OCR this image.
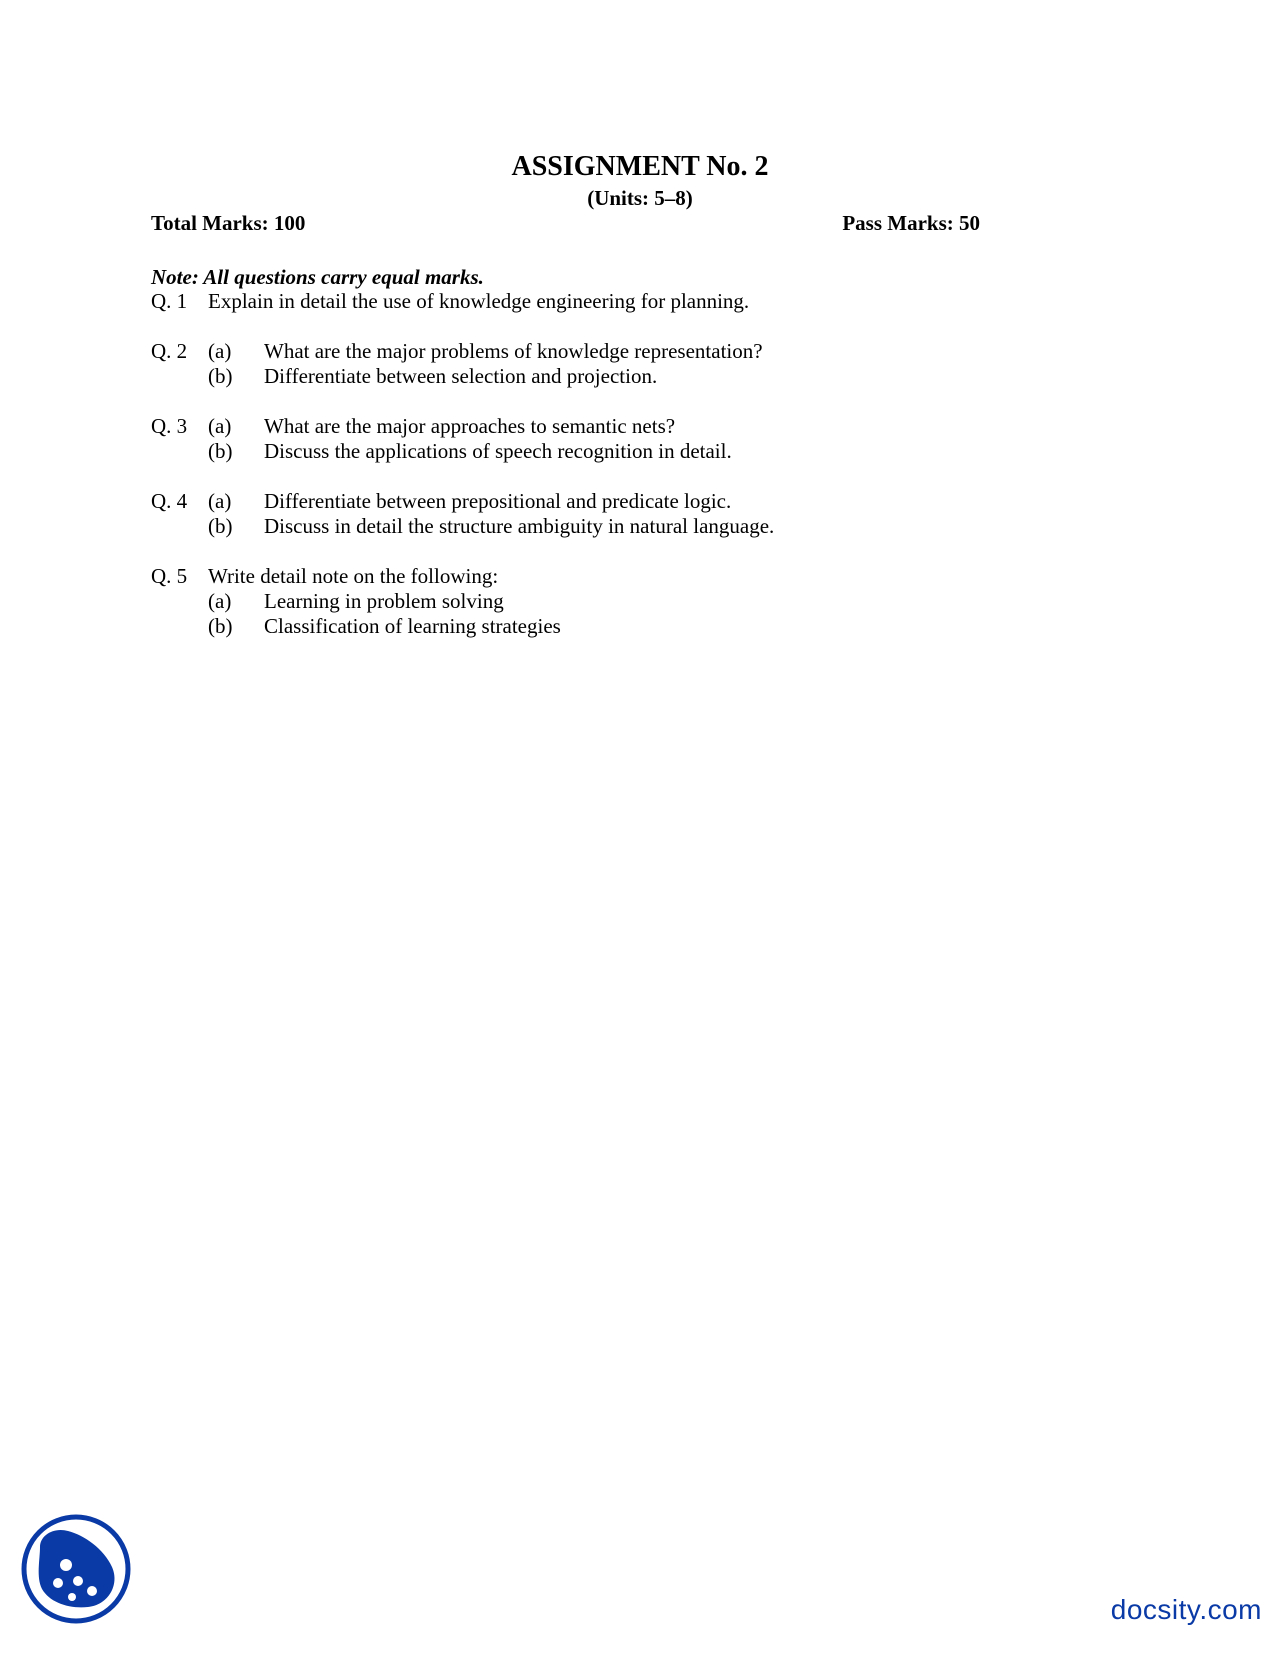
ASSIGNMENT No. 2
(Units: 5–8)
Total Marks: 100	Pass Marks: 50
Note: All questions carry equal marks.
Q. 1 Explain in detail the use of knowledge engineering for planning.
Q. 2 (a) What are the major problems of knowledge representation?
(b) Differentiate between selection and projection.
Q. 3 (a) What are the major approaches to semantic nets?
(b) Discuss the applications of speech recognition in detail.
Q. 4 (a) Differentiate between prepositional and predicate logic.
(b) Discuss in detail the structure ambiguity in natural language.
Q. 5 Write detail note on the following:
(a) Learning in problem solving
(b) Classification of learning strategies
docsity.com
